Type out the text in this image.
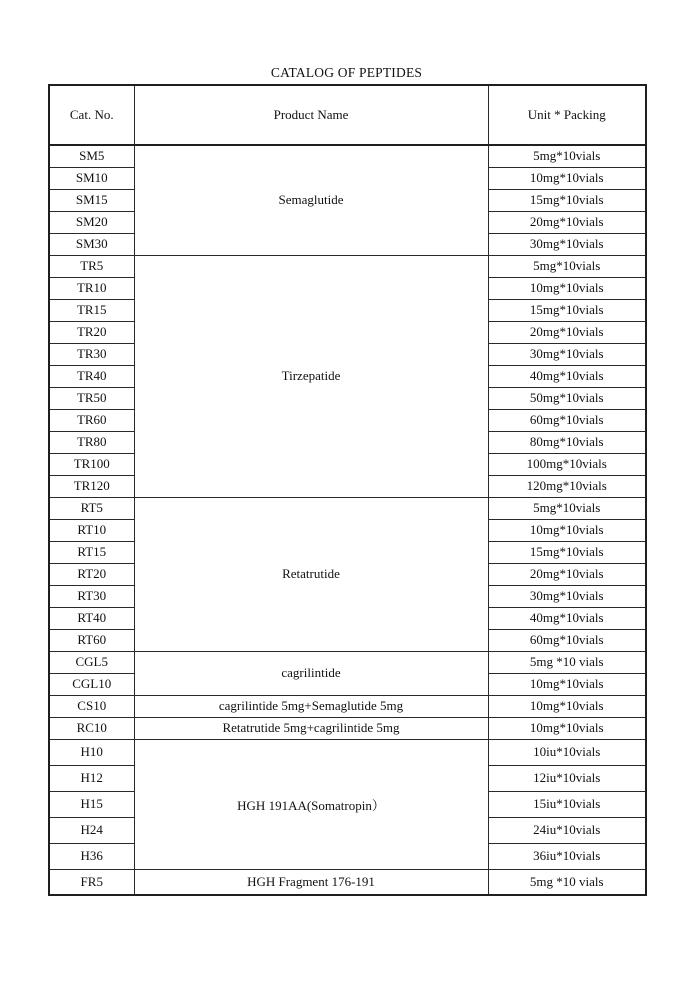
CATALOG OF PEPTIDES
Cat. No.	Product Name	Unit * Packing
SM5	Semaglutide	5mg*10vials
SM10		10mg*10vials
SM15		15mg*10vials
SM20		20mg*10vials
SM30		30mg*10vials
TR5	Tirzepatide	5mg*10vials
TR10		10mg*10vials
TR15		15mg*10vials
TR20		20mg*10vials
TR30		30mg*10vials
TR40		40mg*10vials
TR50		50mg*10vials
TR60		60mg*10vials
TR80		80mg*10vials
TR100		100mg*10vials
TR120		120mg*10vials
RT5	Retatrutide	5mg*10vials
RT10		10mg*10vials
RT15		15mg*10vials
RT20		20mg*10vials
RT30		30mg*10vials
RT40		40mg*10vials
RT60		60mg*10vials
CGL5	cagrilintide	5mg *10 vials
CGL10		10mg*10vials
CS10	cagrilintide 5mg+Semaglutide 5mg	10mg*10vials
RC10	Retatrutide 5mg+cagrilintide 5mg	10mg*10vials
H10	HGH 191AA(Somatropin）	10iu*10vials
H12		12iu*10vials
H15		15iu*10vials
H24		24iu*10vials
H36		36iu*10vials
FR5	HGH Fragment 176-191	5mg *10 vials
